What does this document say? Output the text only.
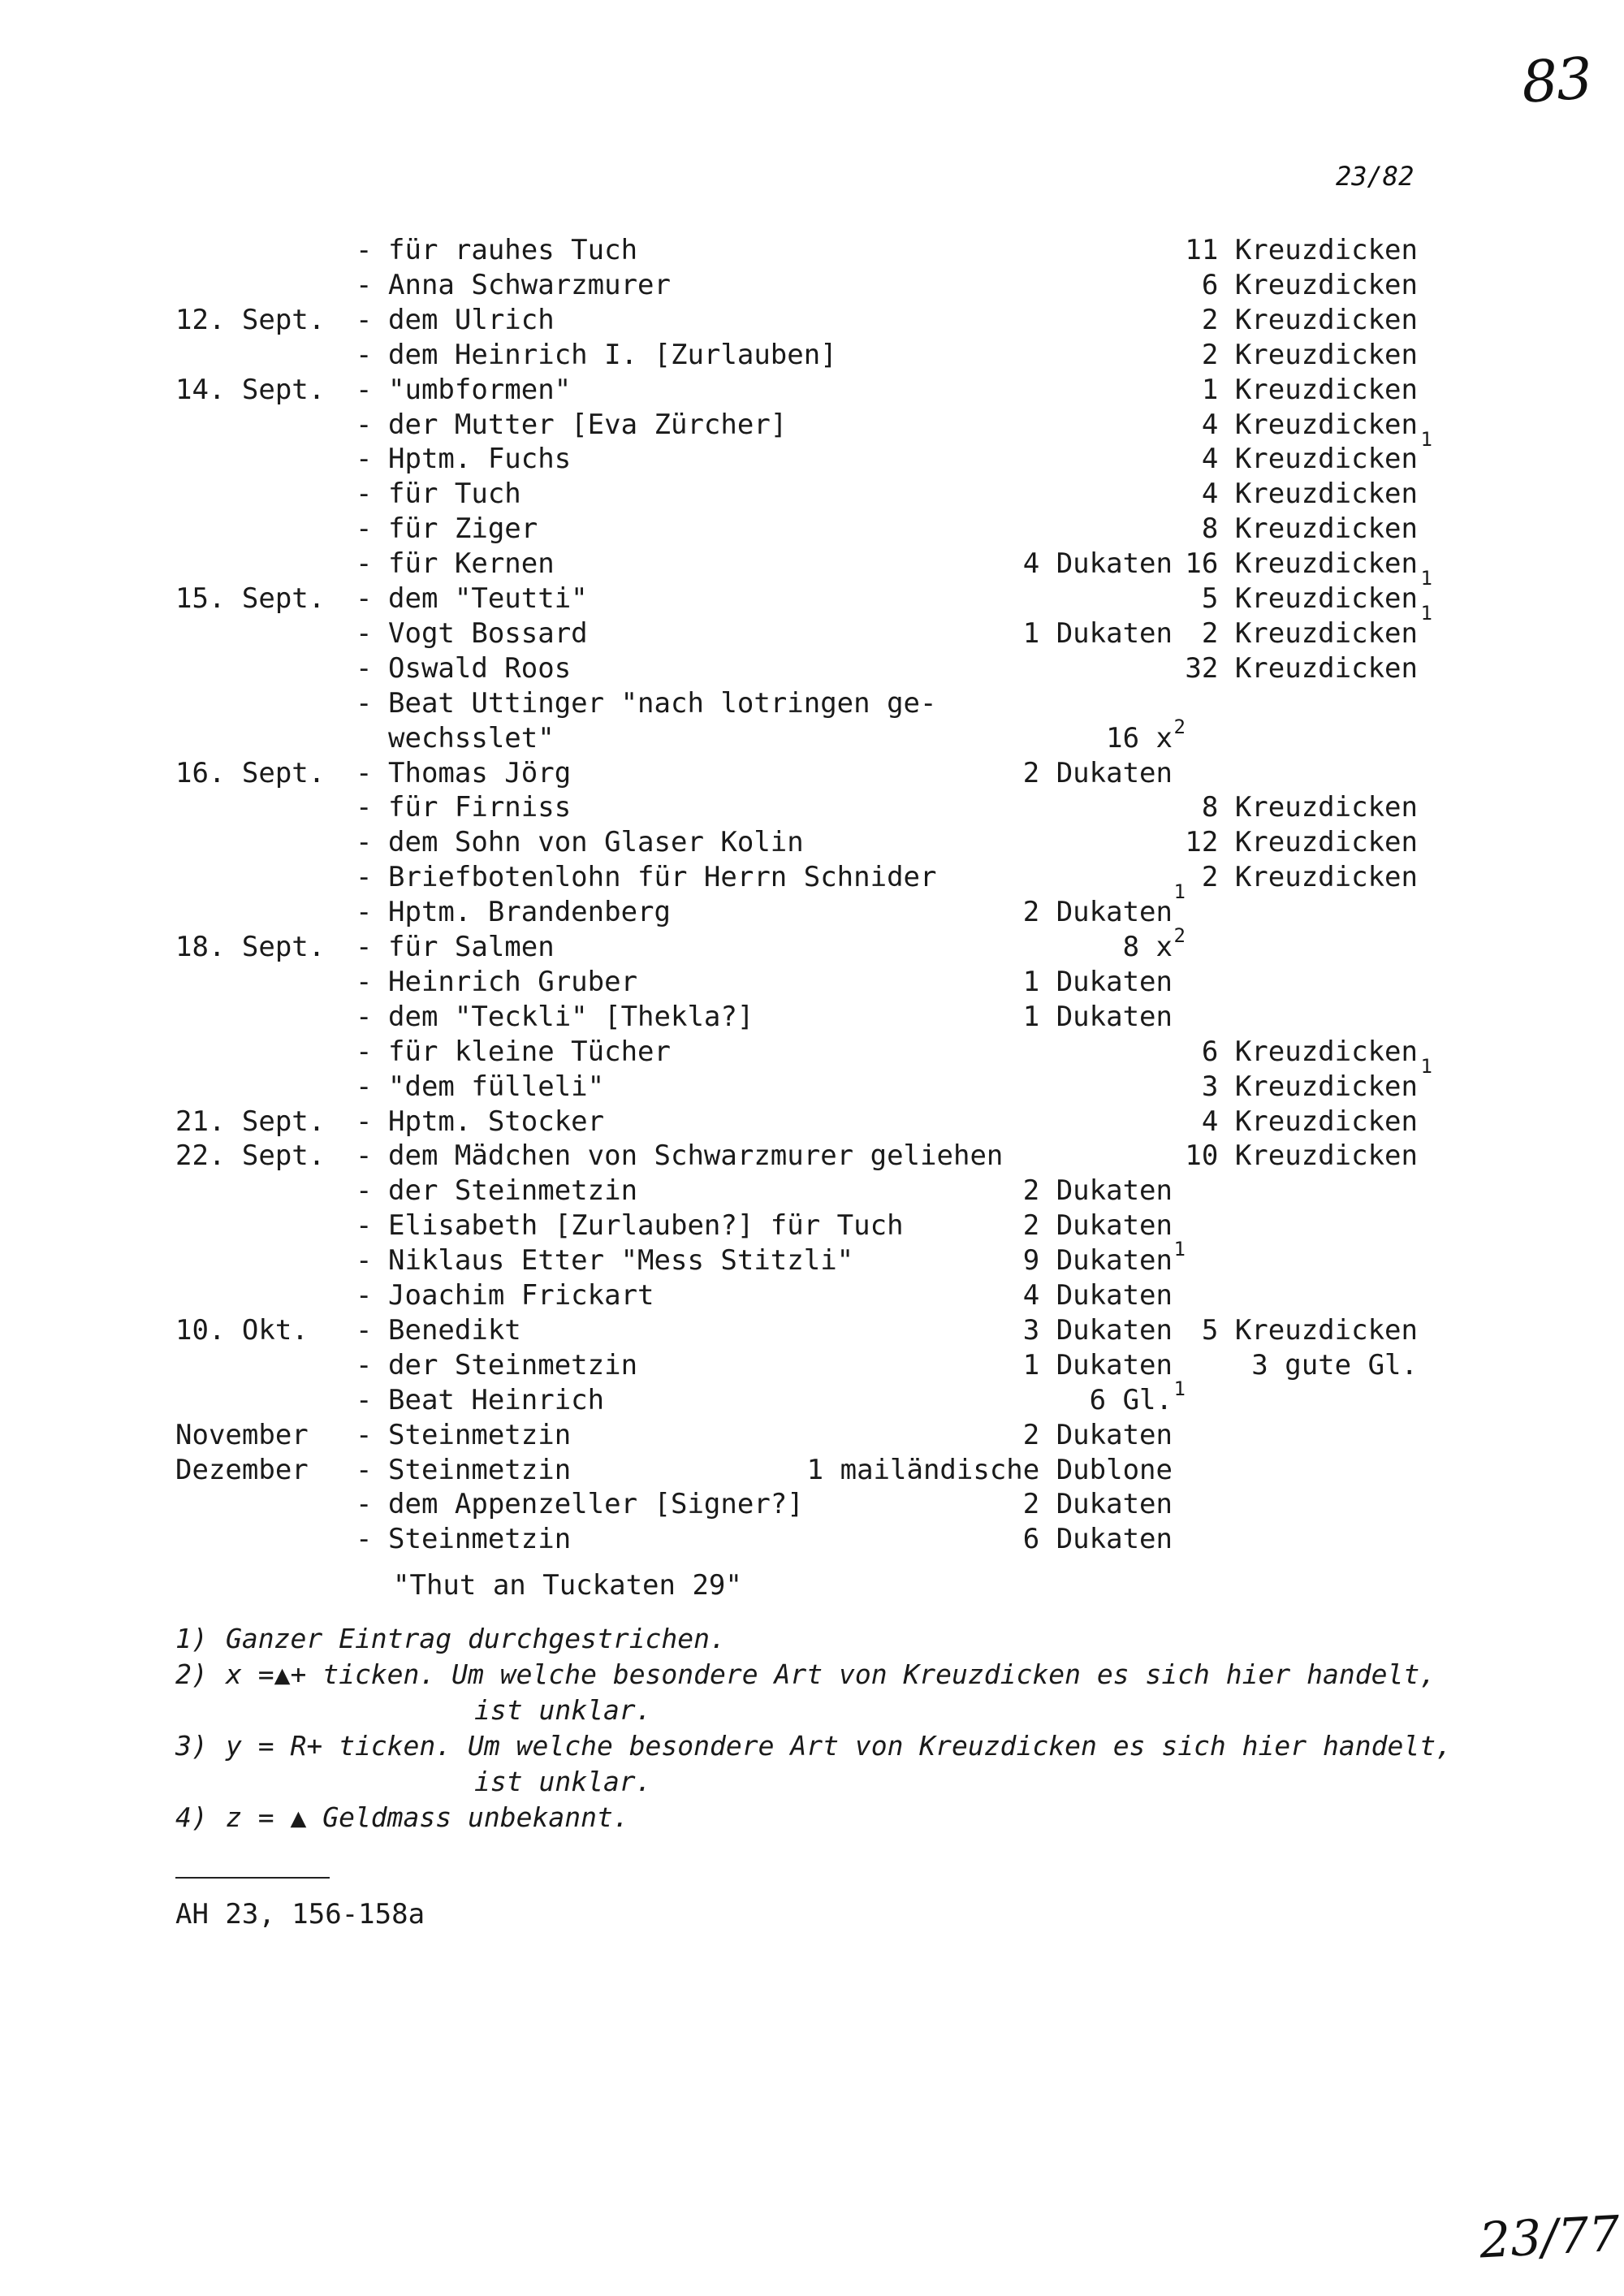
83
23/82
- für rauhes Tuch	11 Kreuzdicken
- Anna Schwarzmurer	6 Kreuzdicken
12. Sept. - dem Ulrich	2 Kreuzdicken
- dem Heinrich I. [Zurlauben]	2 Kreuzdicken
14. Sept. - "umbformen"	1 Kreuzdicken
- der Mutter [Eva Zürcher]	4 Kreuzdicken 1
- Hptm. Fuchs	4 Kreuzdicken
- für Tuch	4 Kreuzdicken
- für Ziger	8 Kreuzdicken
- für Kernen	4 Dukaten 16 Kreuzdicken 1
15. Sept. - dem "Teutti"	5 Kreuzdicken 1
- Vogt Bossard	1 Dukaten 2 Kreuzdicken
- Oswald Roos	32 Kreuzdicken
- Beat Uttinger "nach lotringen ge-
wechsslet"	16 x 2
16. Sept. - Thomas Jörg	2 Dukaten
- für Firniss	8 Kreuzdicken
- dem Sohn von Glaser Kolin	12 Kreuzdicken
- Briefbotenlohn für Herrn Schnider	1 2 Kreuzdicken
- Hptm. Brandenberg	2 Dukaten
18. Sept. - für Salmen	8 x 2
- Heinrich Gruber	1 Dukaten
- dem "Teckli" [Thekla?]	1 Dukaten
- für kleine Tücher	6 Kreuzdicken 1
- "dem fülleli"	3 Kreuzdicken
21. Sept. - Hptm. Stocker	4 Kreuzdicken
22. Sept. - dem Mädchen von Schwarzmurer geliehen	10 Kreuzdicken
- der Steinmetzin	2 Dukaten
- Elisabeth [Zurlauben?] für Tuch	2 Dukaten
- Niklaus Etter "Mess Stitzli"	9 Dukaten 1
- Joachim Frickart	4 Dukaten
10. Okt. - Benedikt	3 Dukaten 5 Kreuzdicken
- der Steinmetzin	1 Dukaten	3 gute Gl.
- Beat Heinrich	6 Gl. 1
November - Steinmetzin	2 Dukaten
Dezember - Steinmetzin	1 mailändische Dublone
- dem Appenzeller [Signer?]	2 Dukaten
- Steinmetzin	6 Dukaten
"Thut an Tuckaten 29"
1) Ganzer Eintrag durchgestrichen.
2) x =▲+ ticken. Um welche besondere Art von Kreuzdicken es sich hier handelt,
ist unklar.
3) y = R+ ticken. Um welche besondere Art von Kreuzdicken es sich hier handelt,
ist unklar.
4) z = ▲ Geldmass unbekannt.
AH 23, 156-158a
23/77
